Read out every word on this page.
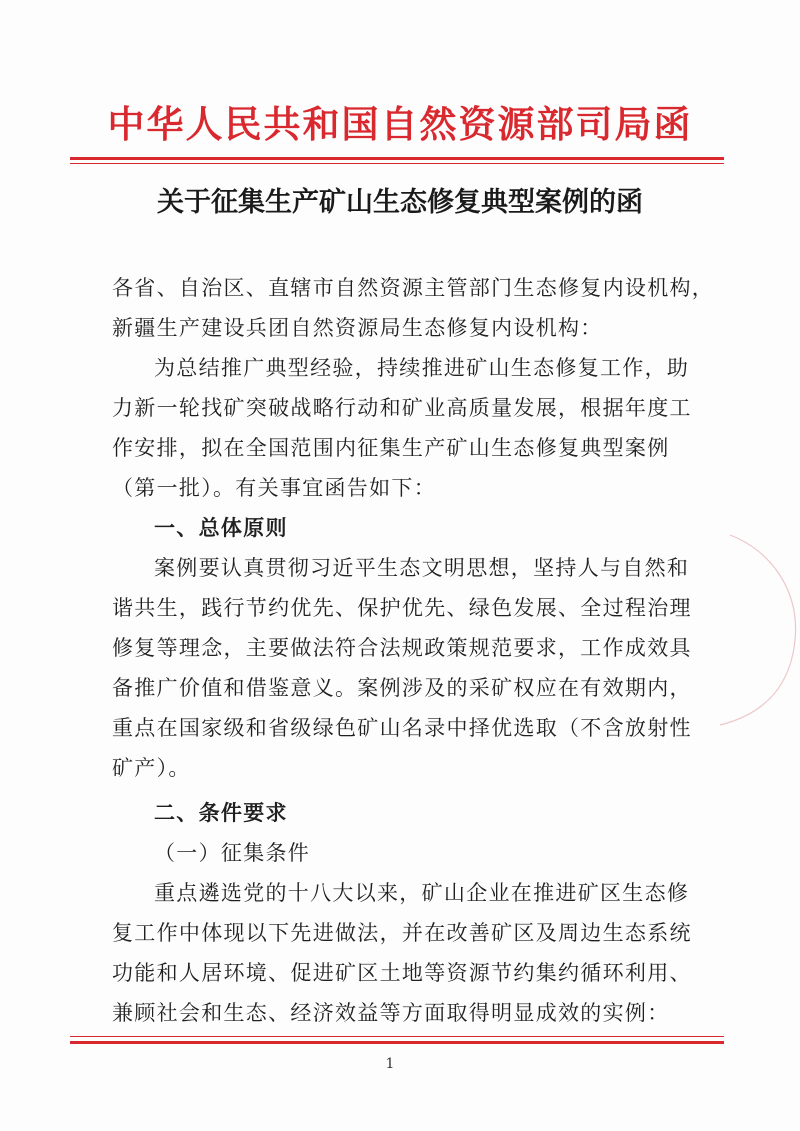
中华人民共和国自然资源部司局函
关于征集生产矿山生态修复典型案例的函
各省、自治区、直辖市自然资源主管部门生态修复内设机构，
新疆生产建设兵团自然资源局生态修复内设机构：
为总结推广典型经验，持续推进矿山生态修复工作，助
力新一轮找矿突破战略行动和矿业高质量发展，根据年度工
作安排，拟在全国范围内征集生产矿山生态修复典型案例
（第一批）。有关事宜函告如下：
一、总体原则
案例要认真贯彻习近平生态文明思想，坚持人与自然和
谐共生，践行节约优先、保护优先、绿色发展、全过程治理
修复等理念，主要做法符合法规政策规范要求，工作成效具
备推广价值和借鉴意义。案例涉及的采矿权应在有效期内，
重点在国家级和省级绿色矿山名录中择优选取（不含放射性
矿产）。
二、条件要求
（一）征集条件
重点遴选党的十八大以来，矿山企业在推进矿区生态修
复工作中体现以下先进做法，并在改善矿区及周边生态系统
功能和人居环境、促进矿区土地等资源节约集约循环利用、
兼顾社会和生态、经济效益等方面取得明显成效的实例：
1
